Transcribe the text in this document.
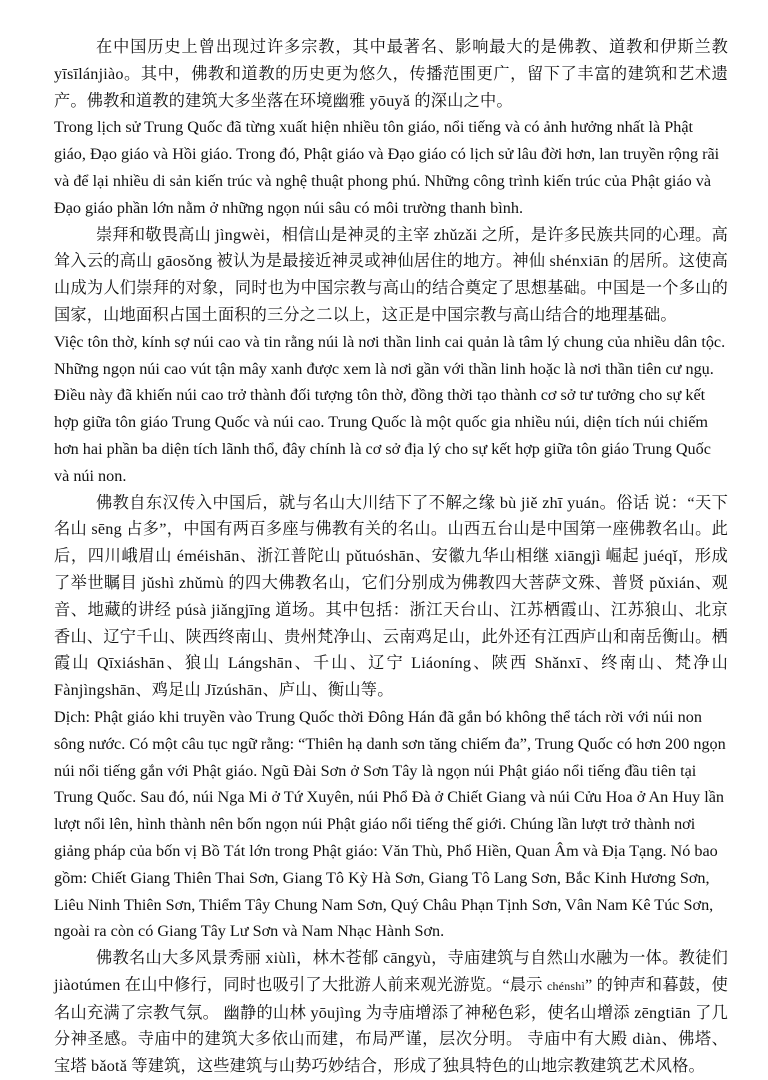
在中国历史上曾出现过许多宗教，其中最著名、影响最大的是佛教、道教和伊斯兰教 yīsīlánjiào。其中，佛教和道教的历史更为悠久，传播范围更广，留下了丰富的建筑和艺术遗产。佛教和道教的建筑大多坐落在环境幽雅 yōuyǎ 的深山之中。

Trong lịch sử Trung Quốc đã từng xuất hiện nhiều tôn giáo, nổi tiếng và có ảnh hưởng nhất là Phật giáo, Đạo giáo và Hồi giáo. Trong đó, Phật giáo và Đạo giáo có lịch sử lâu đời hơn, lan truyền rộng rãi và để lại nhiều di sản kiến trúc và nghệ thuật phong phú. Những công trình kiến trúc của Phật giáo và Đạo giáo phần lớn nằm ở những ngọn núi sâu có môi trường thanh bình.

崇拜和敬畏高山 jìngwèi，相信山是神灵的主宰 zhǔzǎi 之所，是许多民族共同的心理。高耸入云的高山 gāosǒng 被认为是最接近神灵或神仙居住的地方。神仙 shénxiān 的居所。这使高山成为人们崇拜的对象，同时也为中国宗教与高山的结合奠定了思想基础。中国是一个多山的国家，山地面积占国土面积的三分之二以上，这正是中国宗教与高山结合的地理基础。

Việc tôn thờ, kính sợ núi cao và tin rằng núi là nơi thần linh cai quản là tâm lý chung của nhiều dân tộc. Những ngọn núi cao vút tận mây xanh được xem là nơi gần với thần linh hoặc là nơi thần tiên cư ngụ. Điều này đã khiến núi cao trở thành đối tượng tôn thờ, đồng thời tạo thành cơ sở tư tưởng cho sự kết hợp giữa tôn giáo Trung Quốc và núi cao. Trung Quốc là một quốc gia nhiều núi, diện tích núi chiếm hơn hai phần ba diện tích lãnh thổ, đây chính là cơ sở địa lý cho sự kết hợp giữa tôn giáo Trung Quốc và núi non.

佛教自东汉传入中国后，就与名山大川结下了不解之缘 bù jiě zhī yuán。俗话 说：“天下名山 sēng 占多”，中国有两百多座与佛教有关的名山。山西五台山是中国第一座佛教名山。此后，四川峨眉山 éméishān、浙江普陀山 pǔtuóshān、安徽九华山相继 xiāngjì 崛起 juéqǐ，形成了举世瞩目 jǔshì zhǔmù 的四大佛教名山，它们分别成为佛教四大菩萨文殊、普贤 pǔxián、观音、地藏的讲经 púsà jiǎngjīng 道场。其中包括：浙江天台山、江苏栖霞山、江苏狼山、北京香山、辽宁千山、陕西终南山、贵州梵净山、云南鸡足山，此外还有江西庐山和南岳衡山。栖霞山 Qīxiáshān、狼山 Lángshān、千山、辽宁 Liáoníng、陕西 Shǎnxī、终南山、梵净山 Fànjìngshān、鸡足山 Jīzúshān、庐山、衡山等。

Dịch: Phật giáo khi truyền vào Trung Quốc thời Đông Hán đã gắn bó không thể tách rời với núi non sông nước. Có một câu tục ngữ rằng: “Thiên hạ danh sơn tăng chiếm đa”, Trung Quốc có hơn 200 ngọn núi nổi tiếng gắn với Phật giáo. Ngũ Đài Sơn ở Sơn Tây là ngọn núi Phật giáo nổi tiếng đầu tiên tại Trung Quốc. Sau đó, núi Nga Mi ở Tứ Xuyên, núi Phổ Đà ở Chiết Giang và núi Cửu Hoa ở An Huy lần lượt nổi lên, hình thành nên bốn ngọn núi Phật giáo nổi tiếng thế giới. Chúng lần lượt trở thành nơi giảng pháp của bốn vị Bồ Tát lớn trong Phật giáo: Văn Thù, Phổ Hiền, Quan Âm và Địa Tạng. Nó bao gồm: Chiết Giang Thiên Thai Sơn, Giang Tô Kỳ Hà Sơn, Giang Tô Lang Sơn, Bắc Kinh Hương Sơn, Liêu Ninh Thiên Sơn, Thiểm Tây Chung Nam Sơn, Quý Châu Phạn Tịnh Sơn, Vân Nam Kê Túc Sơn, ngoài ra còn có Giang Tây Lư Sơn và Nam Nhạc Hành Sơn.

佛教名山大多风景秀丽 xiùlì，林木苍郁 cāngyù，寺庙建筑与自然山水融为一体。教徒们 jiàotúmen 在山中修行，同时也吸引了大批游人前来观光游览。“晨示 chénshì” 的钟声和暮鼓，使名山充满了宗教气氛。 幽静的山林 yōujìng 为寺庙增添了神秘色彩，使名山增添 zēngtiān 了几分神圣感。寺庙中的建筑大多依山而建，布局严谨，层次分明。 寺庙中有大殿 diàn、佛塔、宝塔 bǎotǎ 等建筑，这些建筑与山势巧妙结合，形成了独具特色的山地宗教建筑艺术风格。
